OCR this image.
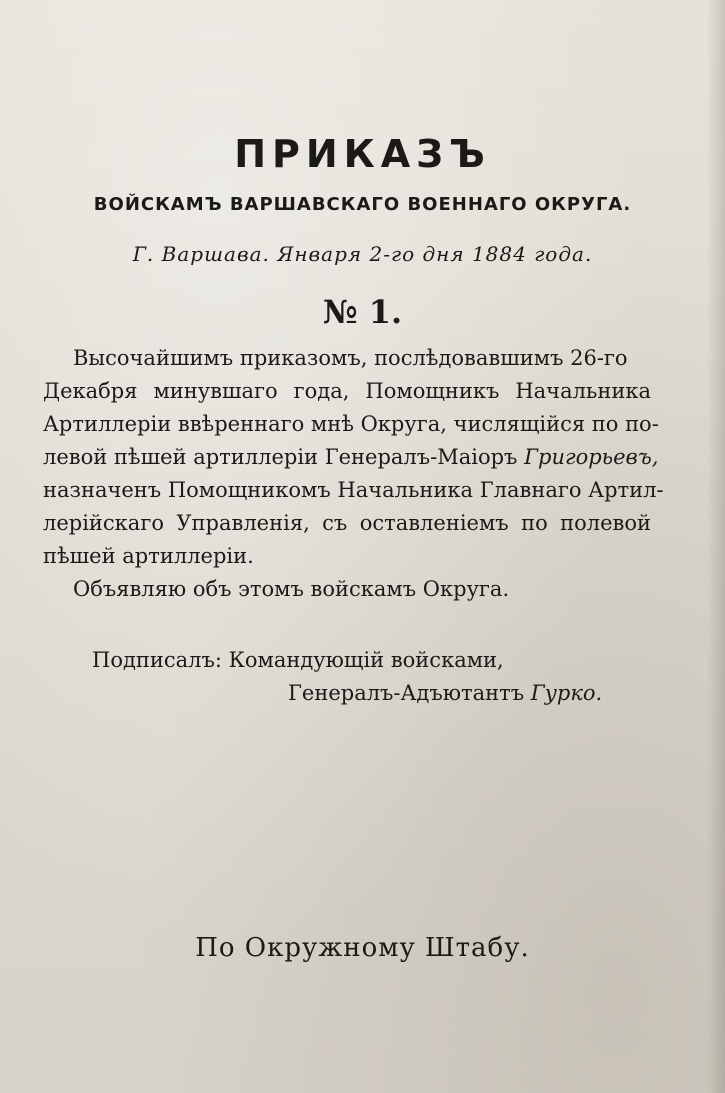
ПРИКАЗЪ
ВОЙСКАМЪ ВАРШАВСКАГО ВОЕННАГО ОКРУГА.
Г. Варшава. Января 2-го дня 1884 года.
№ 1.
Высочайшимъ приказомъ, послѣдовавшимъ 26-го
Декабря минувшаго года, Помощникъ Начальника
Артиллеріи ввѣреннаго мнѣ Округа, числящійся по по-
левой пѣшей артиллеріи Генералъ-Маіоръ Григорьевъ,
назначенъ Помощникомъ Начальника Главнаго Артил-
лерійскаго Управленія, съ оставленіемъ по полевой
пѣшей артиллеріи.
Объявляю объ этомъ войскамъ Округа.
Подписалъ: Командующій войсками,
Генералъ-Адъютантъ Гурко.
По Окружному Штабу.
